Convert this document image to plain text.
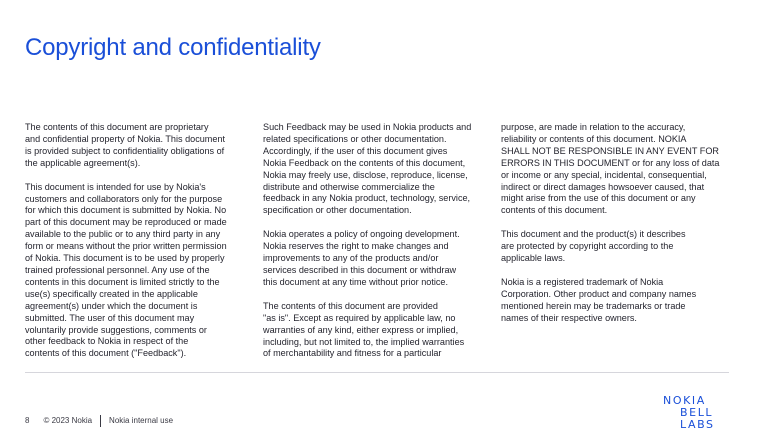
Copyright and confidentiality

The contents of this document are proprietary
and confidential property of Nokia. This document
is provided subject to confidentiality obligations of
the applicable agreement(s).

This document is intended for use by Nokia's
customers and collaborators only for the purpose
for which this document is submitted by Nokia. No
part of this document may be reproduced or made
available to the public or to any third party in any
form or means without the prior written permission
of Nokia. This document is to be used by properly
trained professional personnel. Any use of the
contents in this document is limited strictly to the
use(s) specifically created in the applicable
agreement(s) under which the document is
submitted. The user of this document may
voluntarily provide suggestions, comments or
other feedback to Nokia in respect of the
contents of this document ("Feedback").

Such Feedback may be used in Nokia products and
related specifications or other documentation.
Accordingly, if the user of this document gives
Nokia Feedback on the contents of this document,
Nokia may freely use, disclose, reproduce, license,
distribute and otherwise commercialize the
feedback in any Nokia product, technology, service,
specification or other documentation.

Nokia operates a policy of ongoing development.
Nokia reserves the right to make changes and
improvements to any of the products and/or
services described in this document or withdraw
this document at any time without prior notice.

The contents of this document are provided
"as is". Except as required by applicable law, no
warranties of any kind, either express or implied,
including, but not limited to, the implied warranties
of merchantability and fitness for a particular

purpose, are made in relation to the accuracy,
reliability or contents of this document. NOKIA
SHALL NOT BE RESPONSIBLE IN ANY EVENT FOR
ERRORS IN THIS DOCUMENT or for any loss of data
or income or any special, incidental, consequential,
indirect or direct damages howsoever caused, that
might arise from the use of this document or any
contents of this document.

This document and the product(s) it describes
are protected by copyright according to the
applicable laws.

Nokia is a registered trademark of Nokia
Corporation. Other product and company names
mentioned herein may be trademarks or trade
names of their respective owners.

8 © 2023 Nokia Nokia internal use
NOKIA
BELL
LABS
